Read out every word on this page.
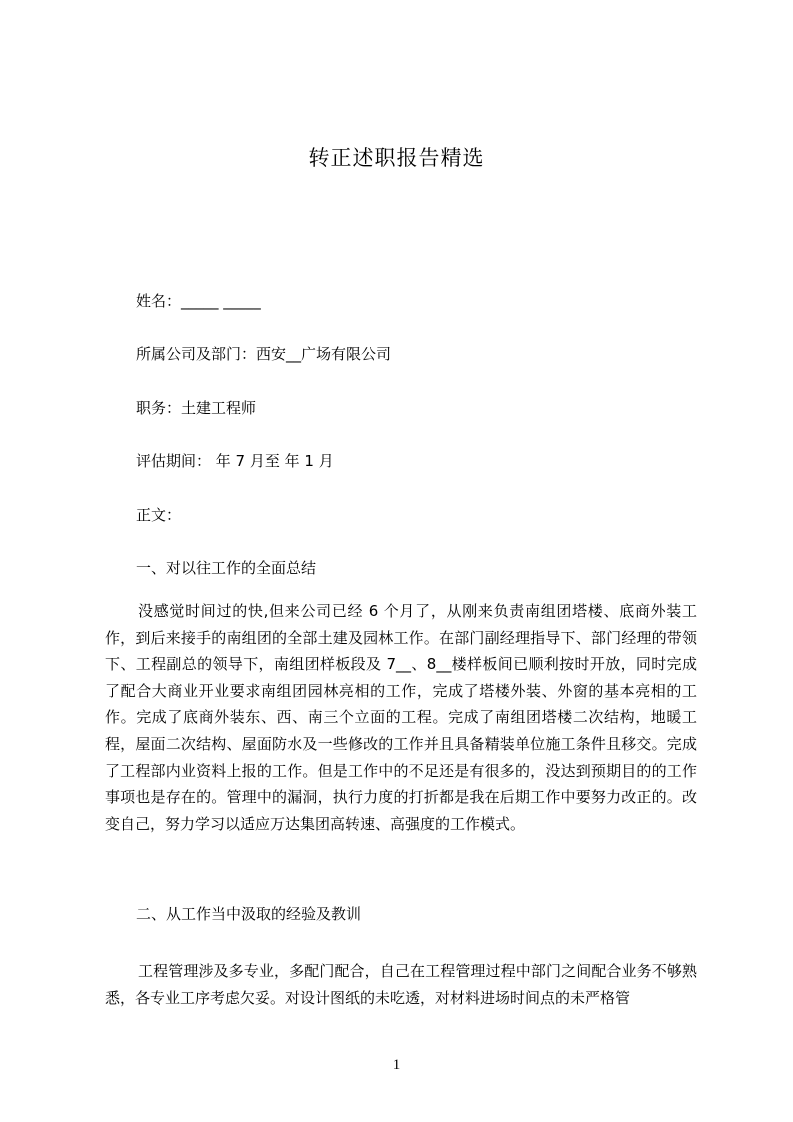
转正述职报告精选
姓名：_____ _____
所属公司及部门：西安__广场有限公司
职务：土建工程师
评估期间： 年 7 月至 年 1 月
正文：
一、对以往工作的全面总结
没感觉时间过的快,但来公司已经 6 个月了，从刚来负责南组团塔楼、底商外装工作，到后来接手的南组团的全部土建及园林工作。在部门副经理指导下、部门经理的带领下、工程副总的领导下，南组团样板段及 7__、8__楼样板间已顺利按时开放，同时完成了配合大商业开业要求南组团园林亮相的工作，完成了塔楼外装、外窗的基本亮相的工作。完成了底商外装东、西、南三个立面的工程。完成了南组团塔楼二次结构，地暖工程，屋面二次结构、屋面防水及一些修改的工作并且具备精装单位施工条件且移交。完成了工程部内业资料上报的工作。但是工作中的不足还是有很多的，没达到预期目的的工作事项也是存在的。管理中的漏洞，执行力度的打折都是我在后期工作中要努力改正的。改变自己，努力学习以适应万达集团高转速、高强度的工作模式。
二、从工作当中汲取的经验及教训
工程管理涉及多专业，多配门配合，自己在工程管理过程中部门之间配合业务不够熟悉，各专业工序考虑欠妥。对设计图纸的未吃透，对材料进场时间点的未严格管
1
